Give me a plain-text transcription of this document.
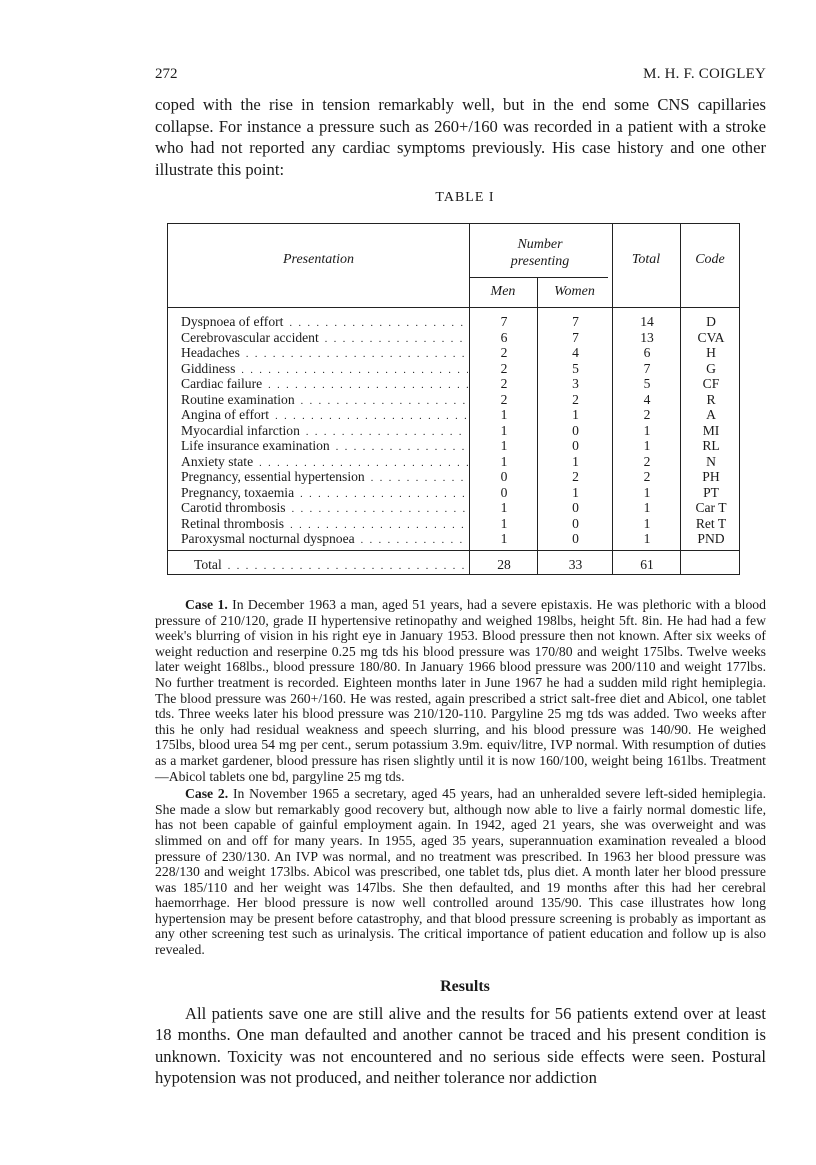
272	M. H. F. COIGLEY
coped with the rise in tension remarkably well, but in the end some CNS capillaries collapse. For instance a pressure such as 260+/160 was recorded in a patient with a stroke who had not reported any cardiac symptoms previously. His case history and one other illustrate this point:
TABLE I
Presentation
Number presenting	Total	Code
Men	Women
Dyspnoea of effort . . .	7	7	14	D
Cerebrovascular accident . . .	6	7	13	CVA
Headaches . . .	2	4	6	H
Giddiness . . .	2	5	7	G
Cardiac failure . . .	2	3	5	CF
Routine examination . . .	2	2	4	R
Angina of effort . . .	1	1	2	A
Myocardial infarction . . .	1	0	1	MI
Life insurance examination . . .	1	0	1	RL
Anxiety state . . .	1	1	2	N
Pregnancy, essential hypertension . . .	0	2	2	PH
Pregnancy, toxaemia . . .	0	1	1	PT
Carotid thrombosis . . .	1	0	1	Car T
Retinal thrombosis . . .	1	0	1	Ret T
Paroxysmal nocturnal dyspnoea . . .	1	0	1	PND
Total . . .	28	33	61

Case 1. In December 1963 a man, aged 51 years, had a severe epistaxis. He was plethoric with a blood pressure of 210/120, grade II hypertensive retinopathy and weighed 198lbs, height 5ft. 8in. He had had a few week's blurring of vision in his right eye in January 1953. Blood pressure then not known. After six weeks of weight reduction and reserpine 0.25 mg tds his blood pressure was 170/80 and weight 175lbs. Twelve weeks later weight 168lbs., blood pressure 180/80. In January 1966 blood pressure was 200/110 and weight 177lbs. No further treatment is recorded. Eighteen months later in June 1967 he had a sudden mild right hemiplegia. The blood pressure was 260+/160. He was rested, again prescribed a strict salt-free diet and Abicol, one tablet tds. Three weeks later his blood pressure was 210/120-110. Pargyline 25 mg tds was added. Two weeks after this he only had residual weakness and speech slurring, and his blood pressure was 140/90. He weighed 175lbs, blood urea 54 mg per cent., serum potassium 3.9m. equiv/litre, IVP normal. With resumption of duties as a market gardener, blood pressure has risen slightly until it is now 160/100, weight being 161lbs. Treatment—Abicol tablets one bd, pargyline 25 mg tds.

Case 2. In November 1965 a secretary, aged 45 years, had an unheralded severe left-sided hemiplegia. She made a slow but remarkably good recovery but, although now able to live a fairly normal domestic life, has not been capable of gainful employment again. In 1942, aged 21 years, she was overweight and was slimmed on and off for many years. In 1955, aged 35 years, superannuation examination revealed a blood pressure of 230/130. An IVP was normal, and no treatment was prescribed. In 1963 her blood pressure was 228/130 and weight 173lbs. Abicol was prescribed, one tablet tds, plus diet. A month later her blood pressure was 185/110 and her weight was 147lbs. She then defaulted, and 19 months after this had her cerebral haemorrhage. Her blood pressure is now well controlled around 135/90. This case illustrates how long hypertension may be present before catastrophy, and that blood pressure screening is probably as important as any other screening test such as urinalysis. The critical importance of patient education and follow up is also revealed.

Results
All patients save one are still alive and the results for 56 patients extend over at least 18 months. One man defaulted and another cannot be traced and his present condition is unknown. Toxicity was not encountered and no serious side effects were seen. Postural hypotension was not produced, and neither tolerance nor addiction
